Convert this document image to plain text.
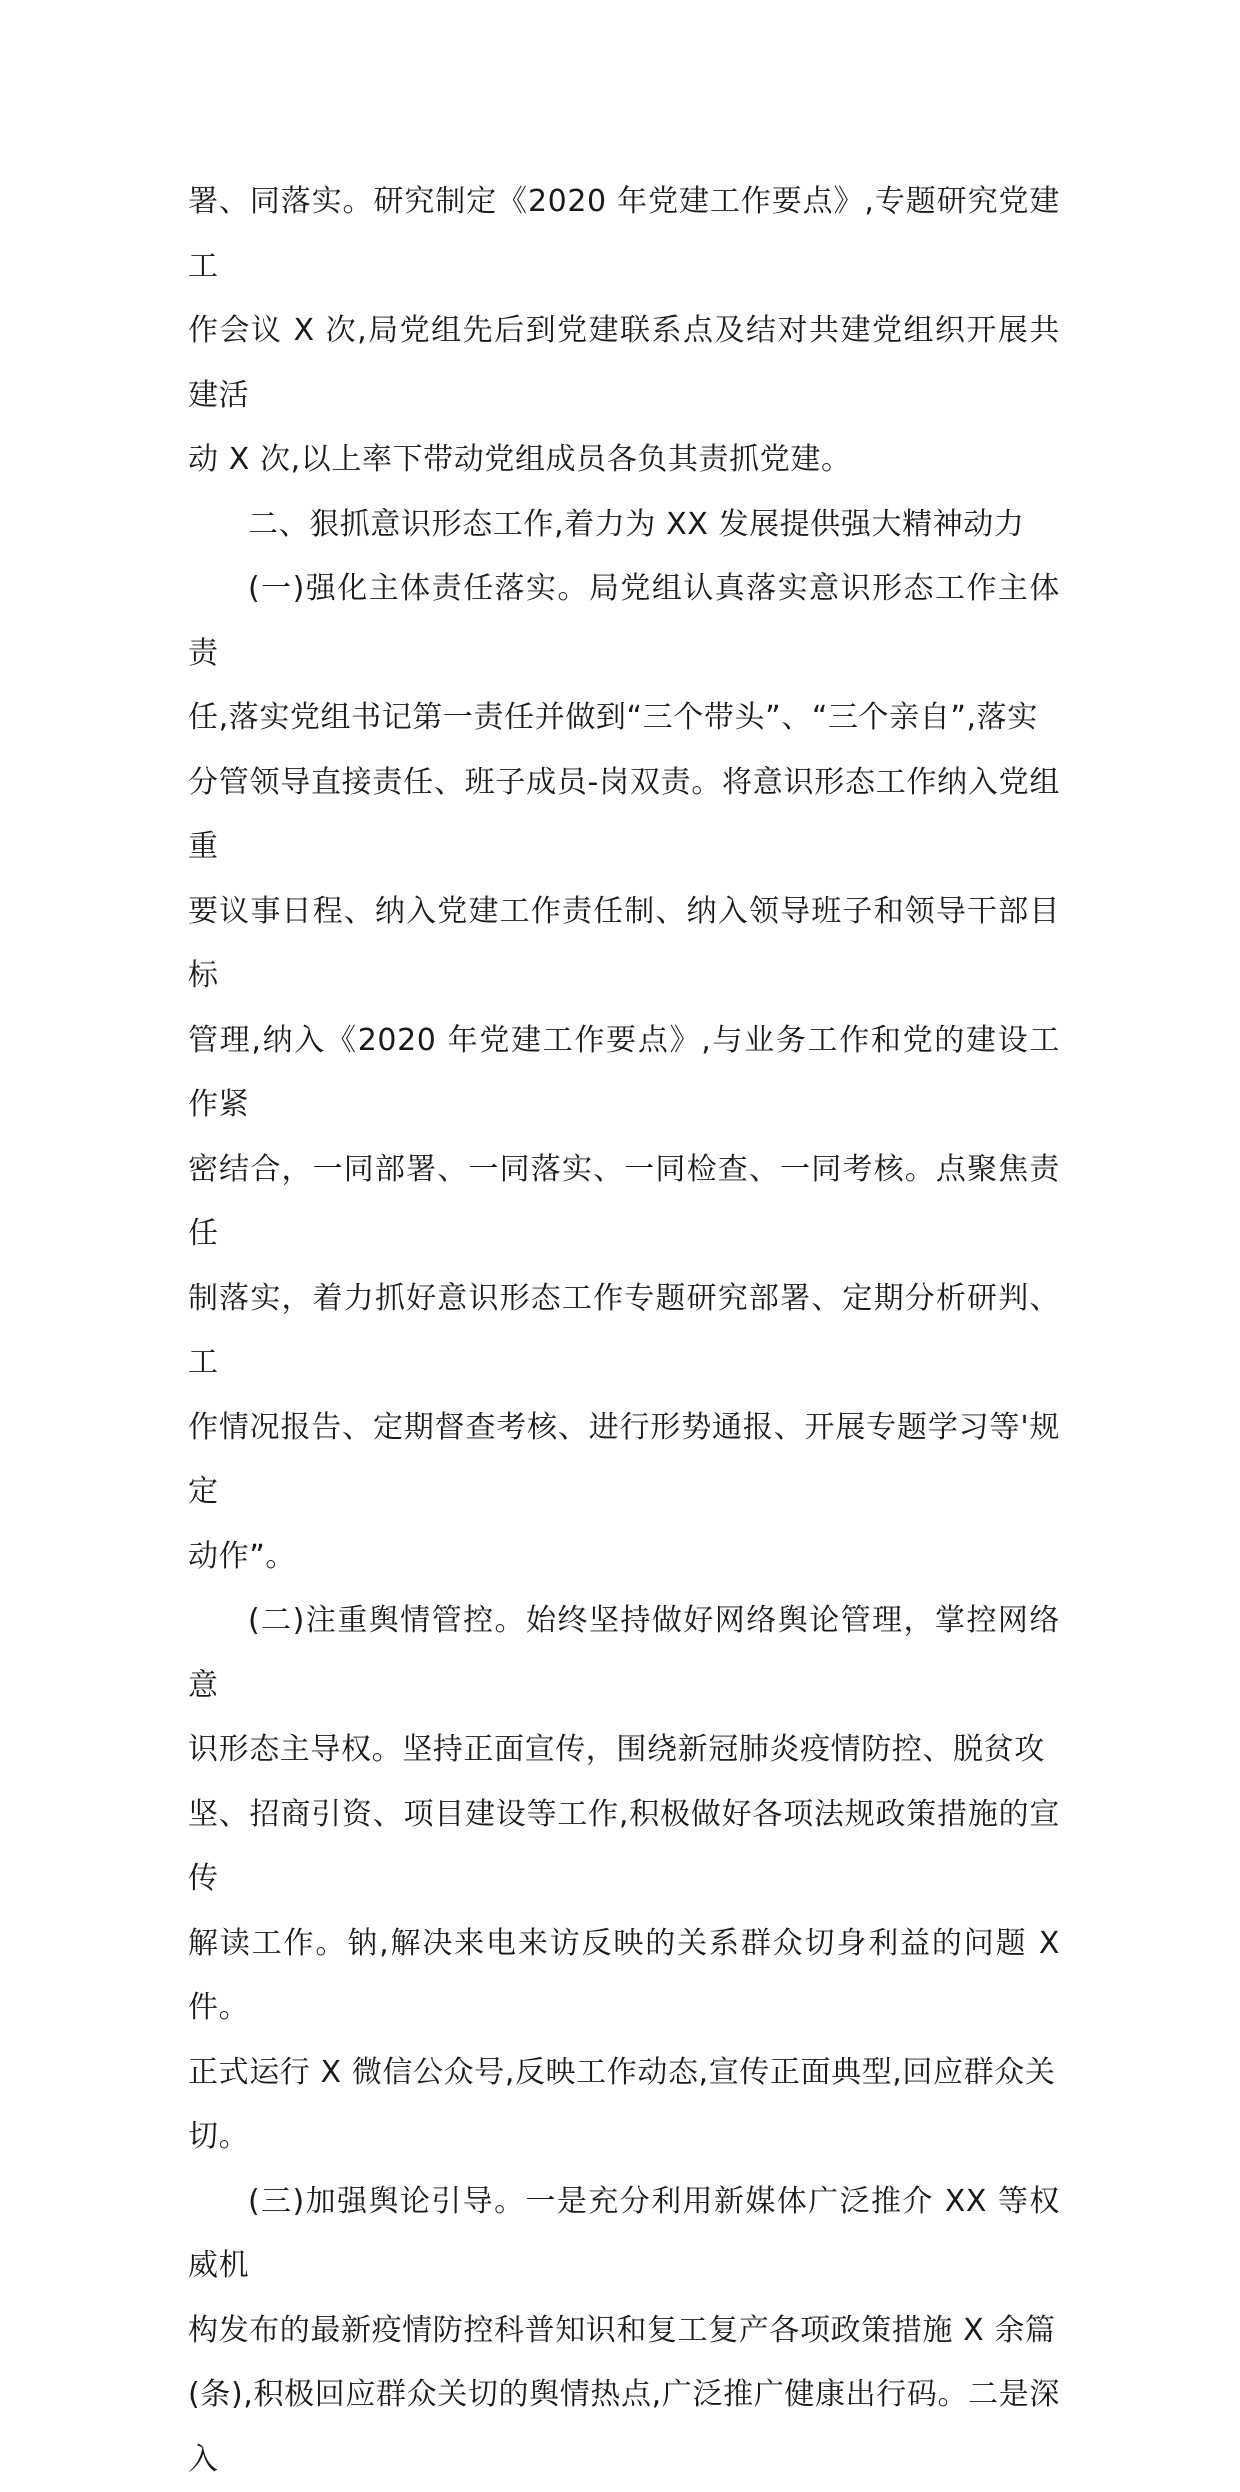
署、同落实。研究制定《2020 年党建工作要点》,专题研究党建工
作会议 X 次,局党组先后到党建联系点及结对共建党组织开展共建活
动 X 次,以上率下带动党组成员各负其责抓党建。

二、狠抓意识形态工作,着力为 XX 发展提供强大精神动力

(一)强化主体责任落实。局党组认真落实意识形态工作主体责
任,落实党组书记第一责任并做到“三个带头”、“三个亲自”,落实
分管领导直接责任、班子成员-岗双责。将意识形态工作纳入党组重
要议事日程、纳入党建工作责任制、纳入领导班子和领导干部目标
管理,纳入《2020 年党建工作要点》,与业务工作和党的建设工作紧
密结合，一同部署、一同落实、一同检查、一同考核。点聚焦责任
制落实，着力抓好意识形态工作专题研究部署、定期分析研判、工
作情况报告、定期督查考核、进行形势通报、开展专题学习等'规定
动作”。

(二)注重舆情管控。始终坚持做好网络舆论管理，掌控网络意
识形态主导权。坚持正面宣传，围绕新冠肺炎疫情防控、脱贫攻
坚、招商引资、项目建设等工作,积极做好各项法规政策措施的宣传
解读工作。钠,解决来电来访反映的关系群众切身利益的问题 X 件。
正式运行 X 微信公众号,反映工作动态,宣传正面典型,回应群众关
切。

(三)加强舆论引导。一是充分利用新媒体广泛推介 XX 等权威机
构发布的最新疫情防控科普知识和复工复产各项政策措施 X 余篇
(条),积极回应群众关切的舆情热点,广泛推广健康出行码。二是深入
